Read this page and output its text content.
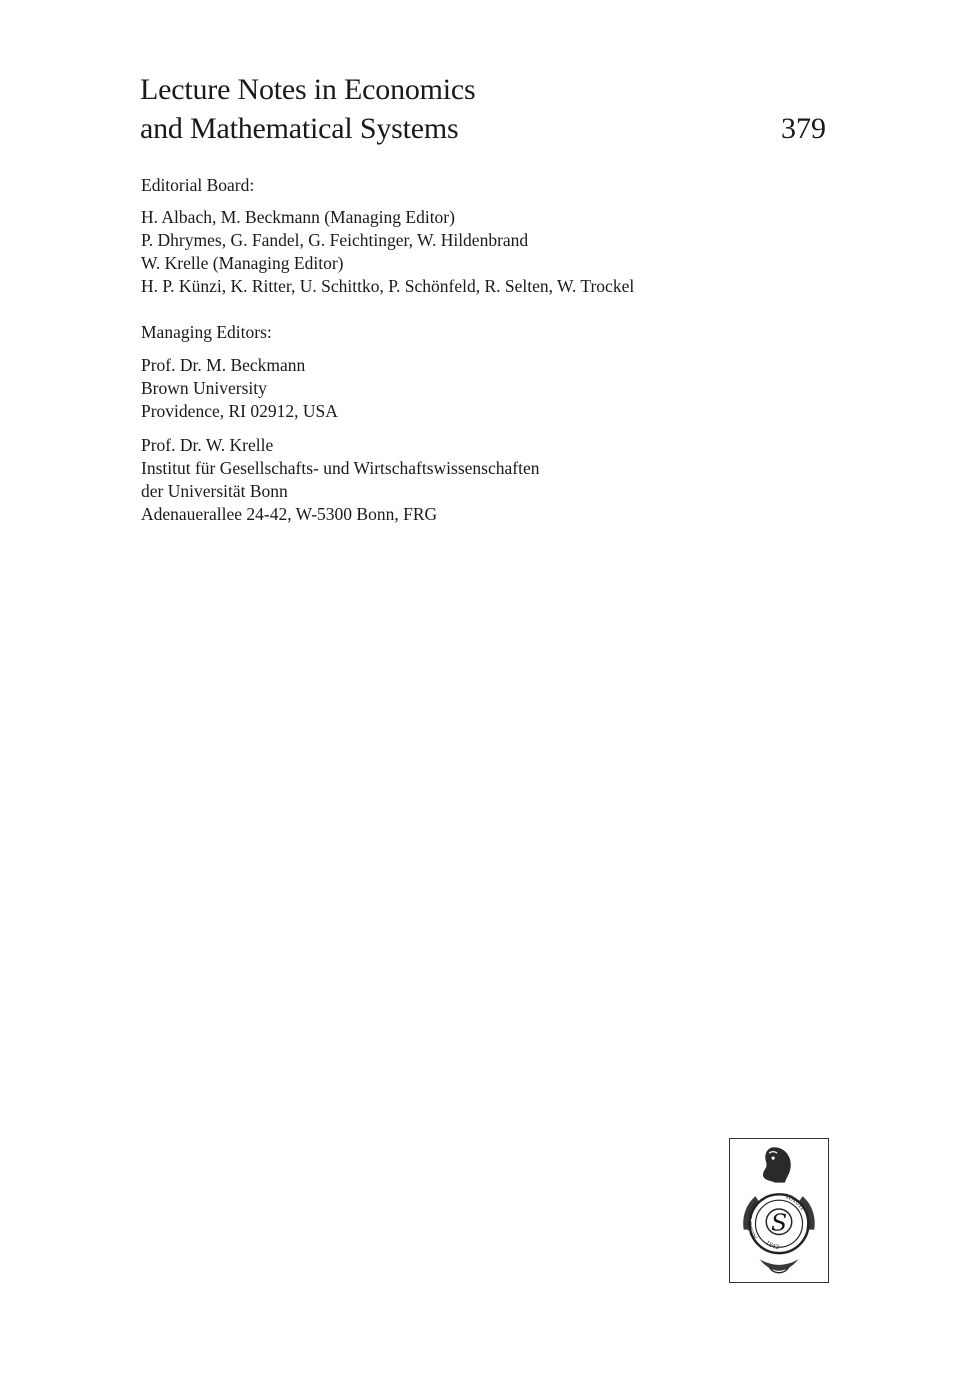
Lecture Notes in Economics
and Mathematical Systems	379
Editorial Board:
H. Albach, M. Beckmann (Managing Editor)
P. Dhrymes, G. Fandel, G. Feichtinger, W. Hildenbrand
W. Krelle (Managing Editor)
H. P. Künzi, K. Ritter, U. Schittko, P. Schönfeld, R. Selten, W. Trockel
Managing Editors:
Prof. Dr. M. Beckmann
Brown University
Providence, RI 02912, USA
Prof. Dr. W. Krelle
Institut für Gesellschafts- und Wirtschaftswissenschaften
der Universität Bonn
Adenauerallee 24-42, W-5300 Bonn, FRG
ALLE ZEIT
WACH
1842
S
